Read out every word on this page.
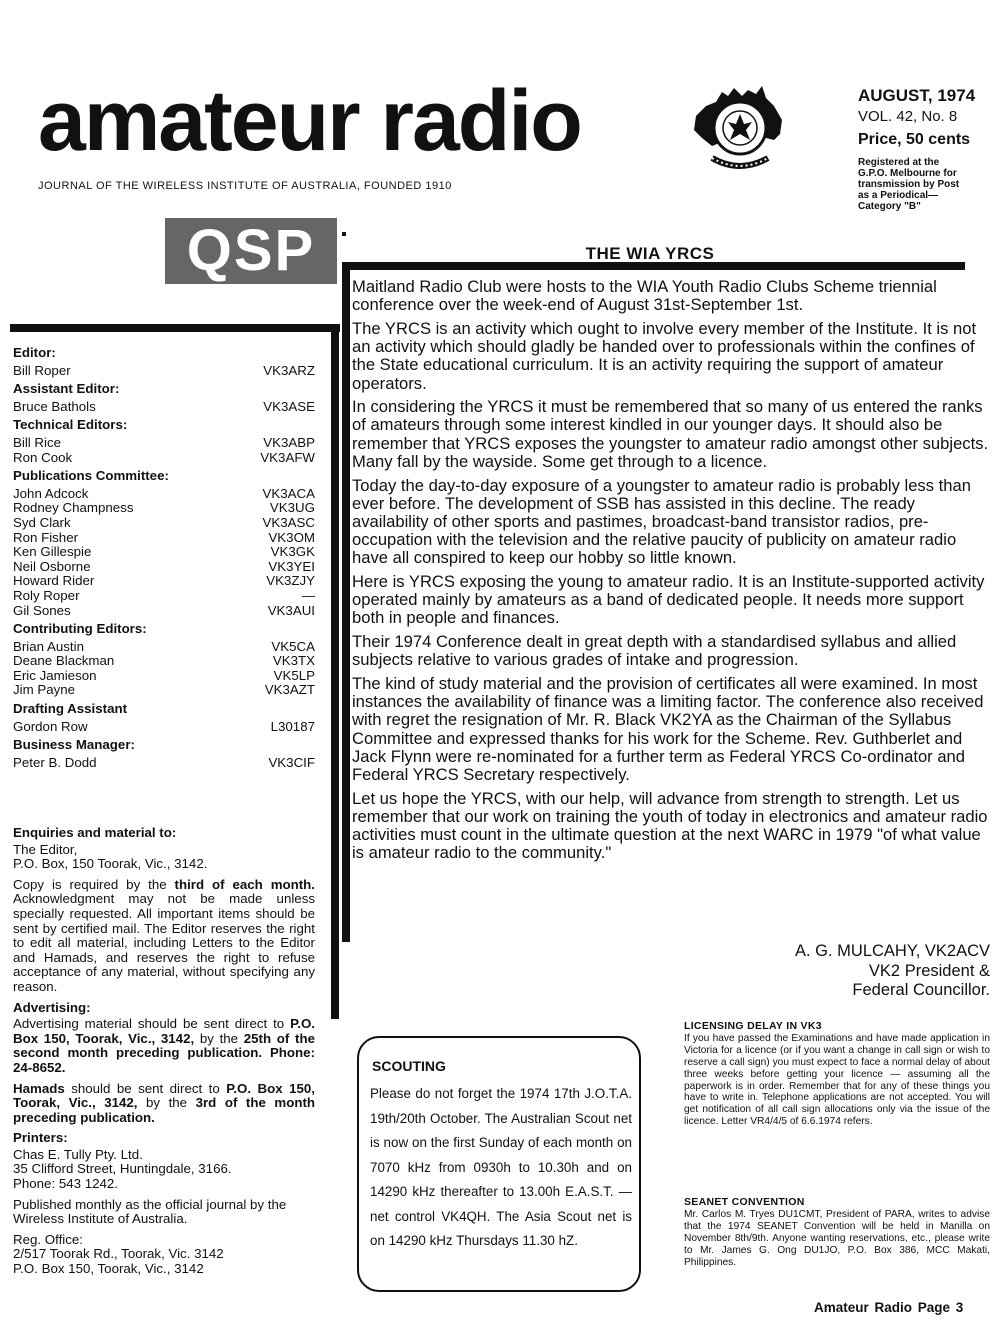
amateur radio
JOURNAL OF THE WIRELESS INSTITUTE OF AUSTRALIA, FOUNDED 1910
AUGUST, 1974
VOL. 42, No. 8
Price, 50 cents
Registered at the
G.P.O. Melbourne for
transmission by Post
as a Periodical—
Category "B"
QSP	THE WIA YRCS

Maitland Radio Club were hosts to the WIA Youth Radio Clubs Scheme triennial conference over the week-end of August 31st-September 1st.

The YRCS is an activity which ought to involve every member of the Institute. It is not an activity which should gladly be handed over to professionals within the confines of the State educational curriculum. It is an activity requiring the support of amateur operators.

In considering the YRCS it must be remembered that so many of us entered the ranks of amateurs through some interest kindled in our younger days. It should also be remember that YRCS exposes the youngster to amateur radio amongst other subjects. Many fall by the wayside. Some get through to a licence.

Today the day-to-day exposure of a youngster to amateur radio is probably less than ever before. The development of SSB has assisted in this decline. The ready availability of other sports and pastimes, broadcast-band transistor radios, pre-occupation with the television and the relative paucity of publicity on amateur radio have all conspired to keep our hobby so little known.

Here is YRCS exposing the young to amateur radio. It is an Institute-supported activity operated mainly by amateurs as a band of dedicated people. It needs more support both in people and finances.

Their 1974 Conference dealt in great depth with a standardised syllabus and allied subjects relative to various grades of intake and progression.

The kind of study material and the provision of certificates all were examined. In most instances the availability of finance was a limiting factor. The conference also received with regret the resignation of Mr. R. Black VK2YA as the Chairman of the Syllabus Committee and expressed thanks for his work for the Scheme. Rev. Guthberlet and Jack Flynn were re-nominated for a further term as Federal YRCS Co-ordinator and Federal YRCS Secretary respectively.

Let us hope the YRCS, with our help, will advance from strength to strength. Let us remember that our work on training the youth of today in electronics and amateur radio activities must count in the ultimate question at the next WARC in 1979 "of what value is amateur radio to the community."

A. G. MULCAHY, VK2ACV
VK2 President &
Federal Councillor.
Editor:
Bill Roper	VK3ARZ
Assistant Editor:
Bruce Bathols	VK3ASE
Technical Editors:
Bill Rice	VK3ABP
Ron Cook	VK3AFW
Publications Committee:
John Adcock	VK3ACA
Rodney Champness	VK3UG
Syd Clark	VK3ASC
Ron Fisher	VK3OM
Ken Gillespie	VK3GK
Neil Osborne	VK3YEI
Howard Rider	VK3ZJY
Roly Roper	—
Gil Sones	VK3AUI
Contributing Editors:
Brian Austin	VK5CA
Deane Blackman	VK3TX
Eric Jamieson	VK5LP
Jim Payne	VK3AZT
Drafting Assistant
Gordon Row	L30187
Business Manager:
Peter B. Dodd	VK3CIF
Enquiries and material to:
The Editor,
P.O. Box, 150 Toorak, Vic., 3142.
Copy is required by the third of each month. Acknowledgment may not be made unless specially requested. All important items should be sent by certified mail. The Editor reserves the right to edit all material, including Letters to the Editor and Hamads, and reserves the right to refuse acceptance of any material, without specifying any reason.
Advertising:
Advertising material should be sent direct to P.O. Box 150, Toorak, Vic., 3142, by the 25th of the second month preceding publication. Phone: 24-8652.
Hamads should be sent direct to P.O. Box 150, Toorak, Vic., 3142, by the 3rd of the month preceding publication.
Printers:
Chas E. Tully Pty. Ltd.
35 Clifford Street, Huntingdale, 3166.
Phone: 543 1242.
Published monthly as the official journal by the Wireless Institute of Australia.
Reg. Office:
2/517 Toorak Rd., Toorak, Vic. 3142
P.O. Box 150, Toorak, Vic., 3142
SCOUTING
Please do not forget the 1974 17th J.O.T.A. 19th/20th October. The Australian Scout net is now on the first Sunday of each month on 7070 kHz from 0930h to 10.30h and on 14290 kHz thereafter to 13.00h E.A.S.T. — net control VK4QH. The Asia Scout net is on 14290 kHz Thursdays 11.30 hZ.
LICENSING DELAY IN VK3
If you have passed the Examinations and have made application in Victoria for a licence (or if you want a change in call sign or wish to reserve a call sign) you must expect to face a normal delay of about three weeks before getting your licence — assuming all the paperwork is in order. Remember that for any of these things you have to write in. Telephone applications are not accepted. You will get notification of all call sign allocations only via the issue of the licence. Letter VR4/4/5 of 6.6.1974 refers.
SEANET CONVENTION
Mr. Carlos M. Tryes DU1CMT, President of PARA, writes to advise that the 1974 SEANET Convention will be held in Manilla on November 8th/9th. Anyone wanting reservations, etc., please write to Mr. James G. Ong DU1JO, P.O. Box 386, MCC Makati, Philippines.
Amateur Radio Page 3
